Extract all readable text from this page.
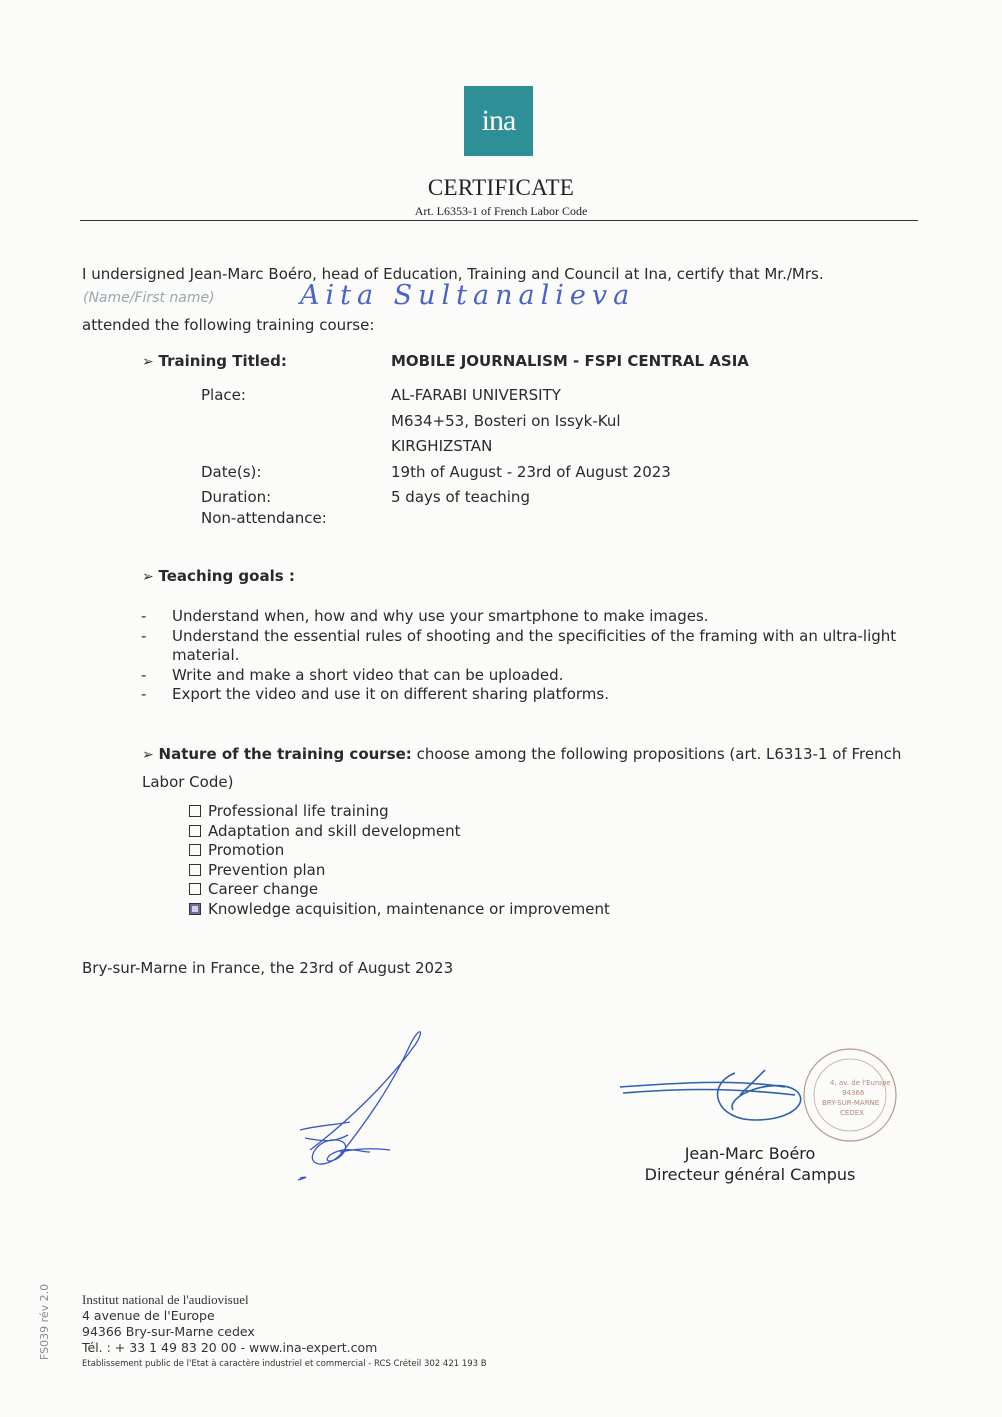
ina
CERTIFICATE
Art. L6353-1 of French Labor Code
I undersigned Jean-Marc Boéro, head of Education, Training and Council at Ina, certify that Mr./Mrs.
(Name/First name)	Aita Sultanalieva
attended the following training course:
➢ Training Titled:	MOBILE JOURNALISM - FSPI CENTRAL ASIA
Place:	AL-FARABI UNIVERSITY
M634+53, Bosteri on Issyk-Kul
KIRGHIZSTAN
Date(s):	19th of August - 23rd of August 2023
Duration:	5 days of teaching
Non-attendance:
➢ Teaching goals :
- Understand when, how and why use your smartphone to make images.
- Understand the essential rules of shooting and the specificities of the framing with an ultra-light
material.
- Write and make a short video that can be uploaded.
- Export the video and use it on different sharing platforms.
➢ Nature of the training course: choose among the following propositions (art. L6313-1 of French
Labor Code)
Professional life training
Adaptation and skill development
Promotion
Prevention plan
Career change
Knowledge acquisition, maintenance or improvement
Bry-sur-Marne in France, the 23rd of August 2023
4, av. de l'Europe
94366
BRY-SUR-MARNE
CEDEX
Jean-Marc Boéro
Directeur général Campus
FS039 rév 2.0 Institut national de l'audiovisuel
4 avenue de l'Europe
94366 Bry-sur-Marne cedex
Tél. : + 33 1 49 83 20 00 - www.ina-expert.com
Etablissement public de l'Etat à caractère industriel et commercial - RCS Créteil 302 421 193 B
